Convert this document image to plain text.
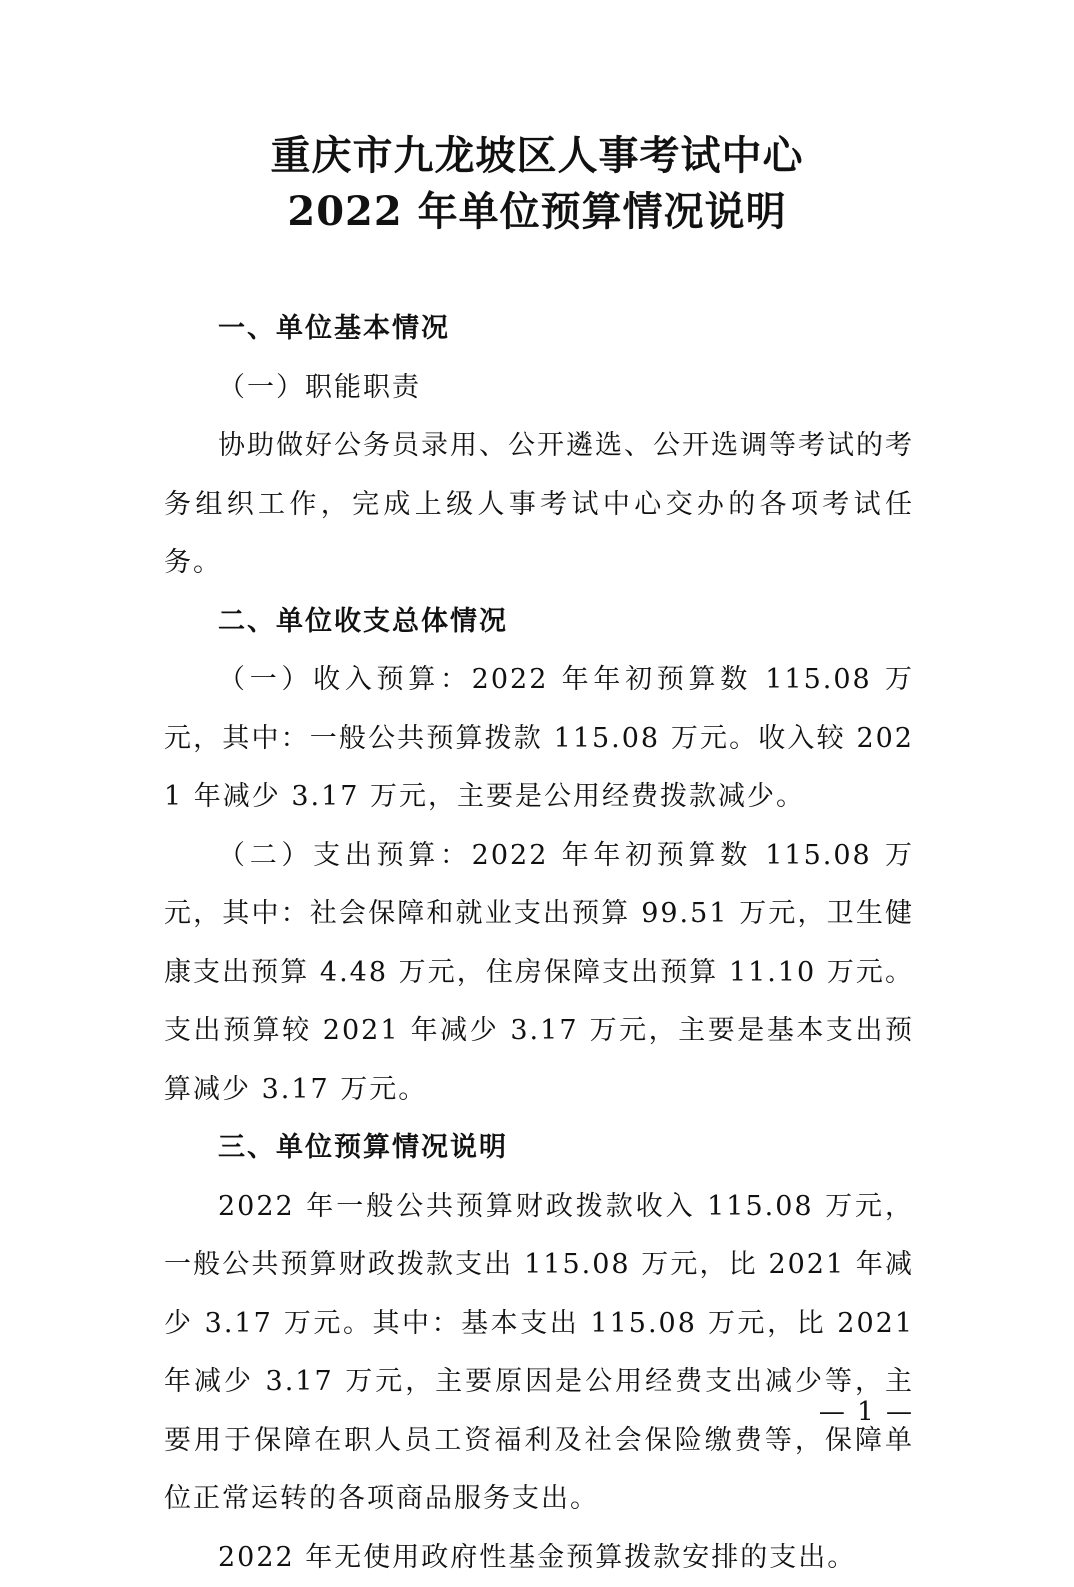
重庆市九龙坡区人事考试中心

2022 年单位预算情况说明

一、单位基本情况

（一）职能职责

协助做好公务员录用、公开遴选、公开选调等考试的考务组织工作，完成上级人事考试中心交办的各项考试任务。

二、单位收支总体情况

（一）收入预算：2022 年年初预算数 115.08 万元，其中：一般公共预算拨款 115.08 万元。收入较 2021 年减少 3.17 万元，主要是公用经费拨款减少。

（二）支出预算：2022 年年初预算数 115.08 万元，其中：社会保障和就业支出预算 99.51 万元，卫生健康支出预算 4.48 万元，住房保障支出预算 11.10 万元。支出预算较 2021 年减少 3.17 万元，主要是基本支出预算减少 3.17 万元。

三、单位预算情况说明

2022 年一般公共预算财政拨款收入 115.08 万元，一般公共预算财政拨款支出 115.08 万元，比 2021 年减少 3.17 万元。其中：基本支出 115.08 万元，比 2021 年减少 3.17 万元，主要原因是公用经费支出减少等，主要用于保障在职人员工资福利及社会保险缴费等，保障单位正常运转的各项商品服务支出。

2022 年无使用政府性基金预算拨款安排的支出。

— 1 —
